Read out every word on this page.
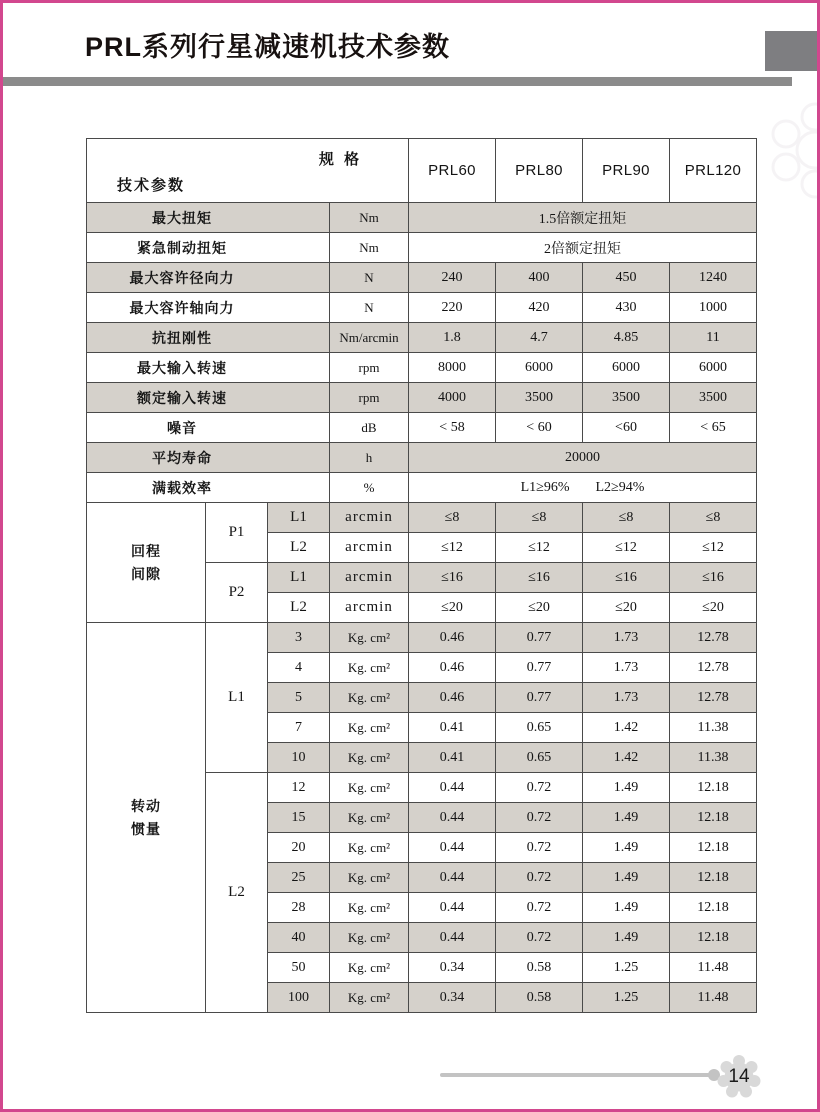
PRL系列行星减速机技术参数
规 格
技术参数				PRL60	PRL80	PRL90	PRL120
最大扭矩			Nm	1.5倍额定扭矩			
紧急制动扭矩			Nm	2倍额定扭矩			
最大容许径向力			N	240	400	450	1240
最大容许轴向力			N	220	420	430	1000
抗扭刚性			Nm/arcmin	1.8	4.7	4.85	11
最大输入转速			rpm	8000	6000	6000	6000
额定输入转速			rpm	4000	3500	3500	3500
噪音			dB	< 58	< 60	<60	< 65
平均寿命			h	20000			
满载效率			%	L1≥96% L2≥94%			

回程
间隙	P1	L1	arcmin	≤8	≤8	≤8	≤8
		L2	arcmin	≤12	≤12	≤12	≤12
	P2	L1	arcmin	≤16	≤16	≤16	≤16
		L2	arcmin	≤20	≤20	≤20	≤20

转动
惯量	L1	3	Kg. cm²	0.46	0.77	1.73	12.78
		4	Kg. cm²	0.46	0.77	1.73	12.78
		5	Kg. cm²	0.46	0.77	1.73	12.78
		7	Kg. cm²	0.41	0.65	1.42	11.38
		10	Kg. cm²	0.41	0.65	1.42	11.38
	L2	12	Kg. cm²	0.44	0.72	1.49	12.18
		15	Kg. cm²	0.44	0.72	1.49	12.18
		20	Kg. cm²	0.44	0.72	1.49	12.18
		25	Kg. cm²	0.44	0.72	1.49	12.18
		28	Kg. cm²	0.44	0.72	1.49	12.18
		40	Kg. cm²	0.44	0.72	1.49	12.18
		50	Kg. cm²	0.34	0.58	1.25	11.48
		100	Kg. cm²	0.34	0.58	1.25	11.48
14
